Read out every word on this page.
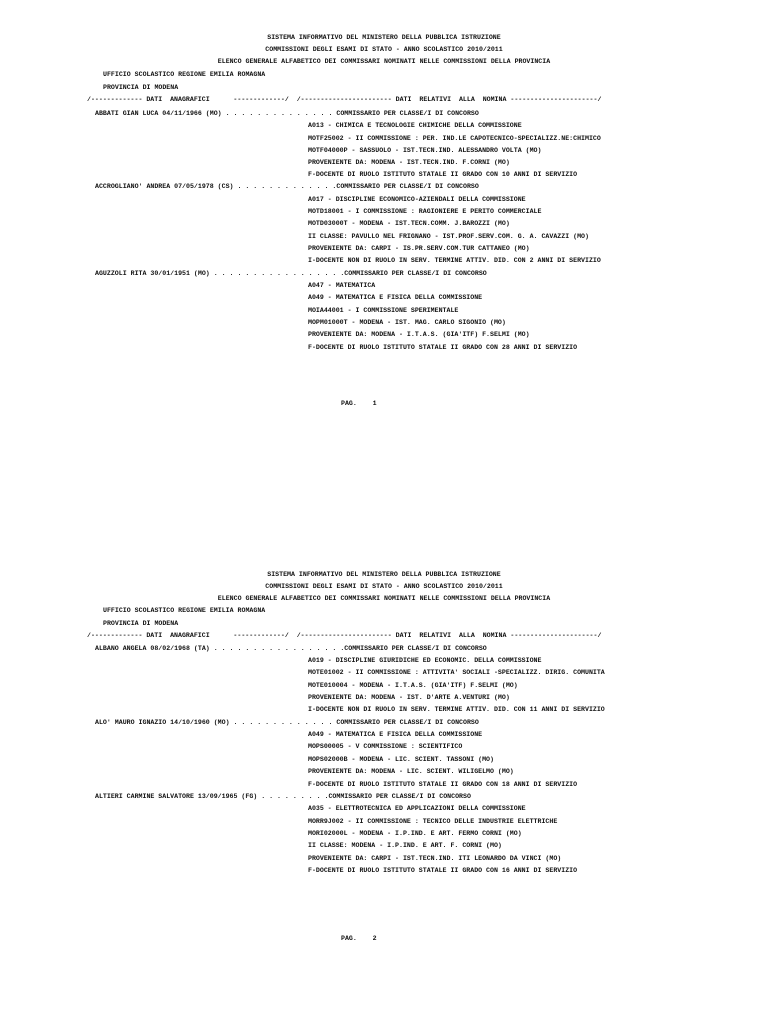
SISTEMA INFORMATIVO DEL MINISTERO DELLA PUBBLICA ISTRUZIONE
COMMISSIONI DEGLI ESAMI DI STATO - ANNO SCOLASTICO 2010/2011
ELENCO GENERALE ALFABETICO DEI COMMISSARI NOMINATI NELLE COMMISSIONI DELLA PROVINCIA
UFFICIO SCOLASTICO REGIONE EMILIA ROMAGNA
PROVINCIA DI MODENA
/------------- DATI  ANAGRAFICI      -------------/  /----------------------- DATI  RELATIVI  ALLA  NOMINA ----------------------/
ABBATI GIAN LUCA 04/11/1966 (MO) . . . . . . . . . . . . . . COMMISSARIO PER CLASSE/I DI CONCORSO
A013 - CHIMICA E TECNOLOGIE CHIMICHE DELLA COMMISSIONE
MOTF25002 - II COMMISSIONE : PER. IND.LE CAPOTECNICO-SPECIALIZZ.NE:CHIMICO
MOTF04000P - SASSUOLO - IST.TECN.IND. ALESSANDRO VOLTA (MO)
PROVENIENTE DA: MODENA - IST.TECN.IND. F.CORNI (MO)
F-DOCENTE DI RUOLO ISTITUTO STATALE II GRADO CON 10 ANNI DI SERVIZIO
ACCROGLIANO' ANDREA 07/05/1978 (CS) . . . . . . . . . . . . .COMMISSARIO PER CLASSE/I DI CONCORSO
A017 - DISCIPLINE ECONOMICO-AZIENDALI DELLA COMMISSIONE
MOTD18001 - I COMMISSIONE : RAGIONIERE E PERITO COMMERCIALE
MOTD03000T - MODENA - IST.TECN.COMM. J.BAROZZI (MO)
II CLASSE: PAVULLO NEL FRIGNANO - IST.PROF.SERV.COM. G. A. CAVAZZI (MO)
PROVENIENTE DA: CARPI - IS.PR.SERV.COM.TUR CATTANEO (MO)
I-DOCENTE NON DI RUOLO IN SERV. TERMINE ATTIV. DID. CON 2 ANNI DI SERVIZIO
AGUZZOLI RITA 30/01/1951 (MO) . . . . . . . . . . . . . . . . .COMMISSARIO PER CLASSE/I DI CONCORSO
A047 - MATEMATICA
A049 - MATEMATICA E FISICA DELLA COMMISSIONE
MOIA44001 - I COMMISSIONE SPERIMENTALE
MOPM01000T - MODENA - IST. MAG. CARLO SIGONIO (MO)
PROVENIENTE DA: MODENA - I.T.A.S. (GIA'ITF) F.SELMI (MO)
F-DOCENTE DI RUOLO ISTITUTO STATALE II GRADO CON 28 ANNI DI SERVIZIO
PAG.    1
SISTEMA INFORMATIVO DEL MINISTERO DELLA PUBBLICA ISTRUZIONE
COMMISSIONI DEGLI ESAMI DI STATO - ANNO SCOLASTICO 2010/2011
ELENCO GENERALE ALFABETICO DEI COMMISSARI NOMINATI NELLE COMMISSIONI DELLA PROVINCIA
UFFICIO SCOLASTICO REGIONE EMILIA ROMAGNA
PROVINCIA DI MODENA
/------------- DATI  ANAGRAFICI      -------------/  /----------------------- DATI  RELATIVI  ALLA  NOMINA ----------------------/
ALBANO ANGELA 08/02/1968 (TA) . . . . . . . . . . . . . . . . .COMMISSARIO PER CLASSE/I DI CONCORSO
A019 - DISCIPLINE GIURIDICHE ED ECONOMIC. DELLA COMMISSIONE
MOTE01002 - II COMMISSIONE : ATTIVITA' SOCIALI -SPECIALIZZ. DIRIG. COMUNITA
MOTE010004 - MODENA - I.T.A.S. (GIA'ITF) F.SELMI (MO)
PROVENIENTE DA: MODENA - IST. D'ARTE A.VENTURI (MO)
I-DOCENTE NON DI RUOLO IN SERV. TERMINE ATTIV. DID. CON 11 ANNI DI SERVIZIO
ALO' MAURO IGNAZIO 14/10/1960 (MO) . . . . . . . . . . . . . COMMISSARIO PER CLASSE/I DI CONCORSO
A049 - MATEMATICA E FISICA DELLA COMMISSIONE
MOPS00005 - V COMMISSIONE : SCIENTIFICO
MOPS02000B - MODENA - LIC. SCIENT. TASSONI (MO)
PROVENIENTE DA: MODENA - LIC. SCIENT. WILIGELMO (MO)
F-DOCENTE DI RUOLO ISTITUTO STATALE II GRADO CON 18 ANNI DI SERVIZIO
ALTIERI CARMINE SALVATORE 13/09/1965 (FG) . . . . . . . . .COMMISSARIO PER CLASSE/I DI CONCORSO
A035 - ELETTROTECNICA ED APPLICAZIONI DELLA COMMISSIONE
MORR9J002 - II COMMISSIONE : TECNICO DELLE INDUSTRIE ELETTRICHE
MORI02000L - MODENA - I.P.IND. E ART. FERMO CORNI (MO)
II CLASSE: MODENA - I.P.IND. E ART. F. CORNI (MO)
PROVENIENTE DA: CARPI - IST.TECN.IND. ITI LEONARDO DA VINCI (MO)
F-DOCENTE DI RUOLO ISTITUTO STATALE II GRADO CON 16 ANNI DI SERVIZIO
PAG.    2
